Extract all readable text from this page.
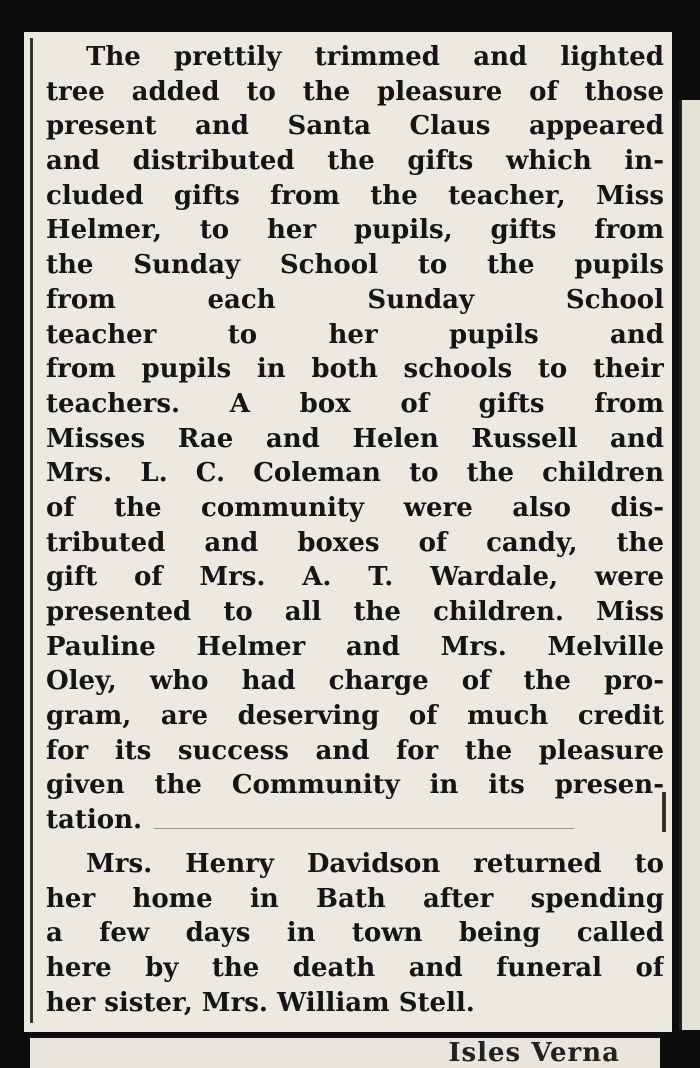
Isles Verna
The prettily trimmed and lighted
tree added to the pleasure of those
present and Santa Claus appeared
and distributed the gifts which in-
cluded gifts from the teacher, Miss
Helmer, to her pupils, gifts from
the Sunday School to the pupils
from each Sunday School
teacher to her pupils and
from pupils in both schools to their
teachers. A box of gifts from
Misses Rae and Helen Russell and
Mrs. L. C. Coleman to the children
of the community were also dis-
tributed and boxes of candy, the
gift of Mrs. A. T. Wardale, were
presented to all the children. Miss
Pauline Helmer and Mrs. Melville
Oley, who had charge of the pro-
gram, are deserving of much credit
for its success and for the pleasure
given the Community in its presen-
tation.
Mrs. Henry Davidson returned to
her home in Bath after spending
a few days in town being called
here by the death and funeral of
her sister, Mrs. William Stell.
